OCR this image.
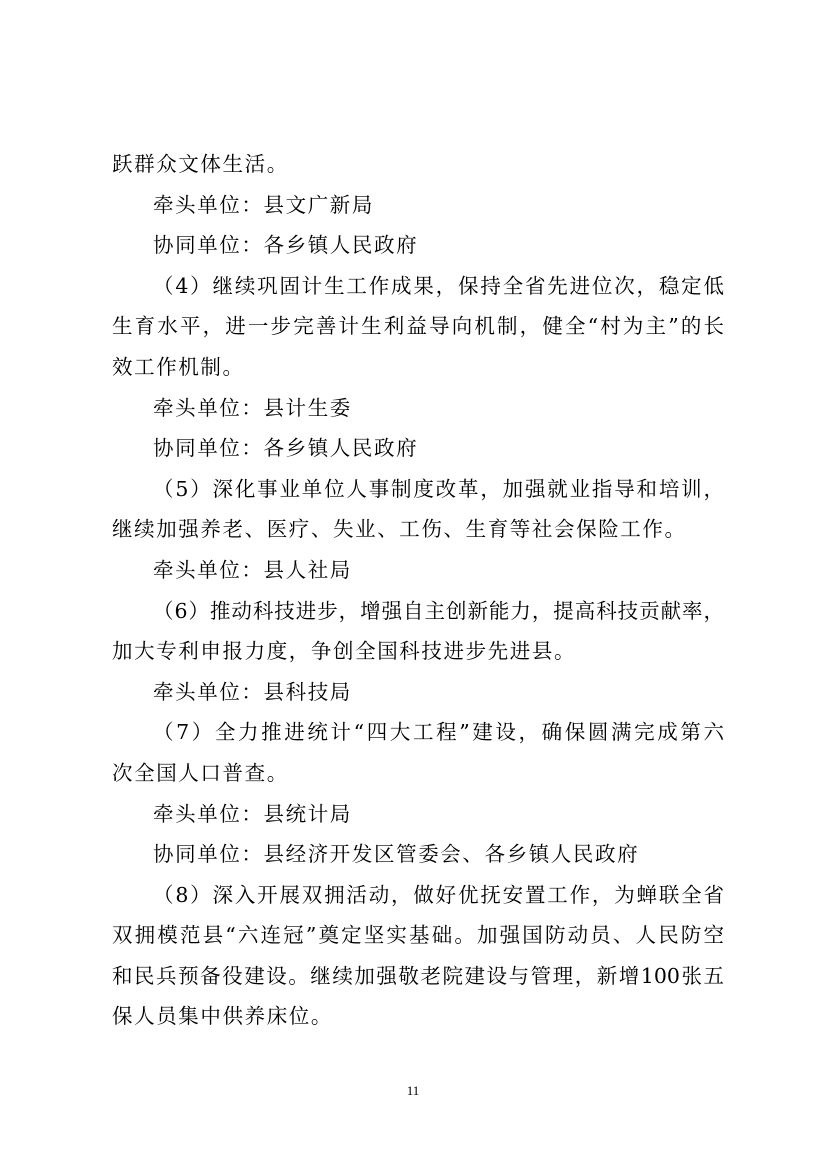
跃群众文体生活。
牵头单位：县文广新局
协同单位：各乡镇人民政府
（4）继续巩固计生工作成果，保持全省先进位次，稳定低
生育水平，进一步完善计生利益导向机制，健全“村为主”的长
效工作机制。
牵头单位：县计生委
协同单位：各乡镇人民政府
（5）深化事业单位人事制度改革，加强就业指导和培训，
继续加强养老、医疗、失业、工伤、生育等社会保险工作。
牵头单位：县人社局
（6）推动科技进步，增强自主创新能力，提高科技贡献率，
加大专利申报力度，争创全国科技进步先进县。
牵头单位：县科技局
（7）全力推进统计“四大工程”建设，确保圆满完成第六
次全国人口普查。
牵头单位：县统计局
协同单位：县经济开发区管委会、各乡镇人民政府
（8）深入开展双拥活动，做好优抚安置工作，为蝉联全省
双拥模范县“六连冠”奠定坚实基础。加强国防动员、人民防空
和民兵预备役建设。继续加强敬老院建设与管理，新增100张五
保人员集中供养床位。
11
